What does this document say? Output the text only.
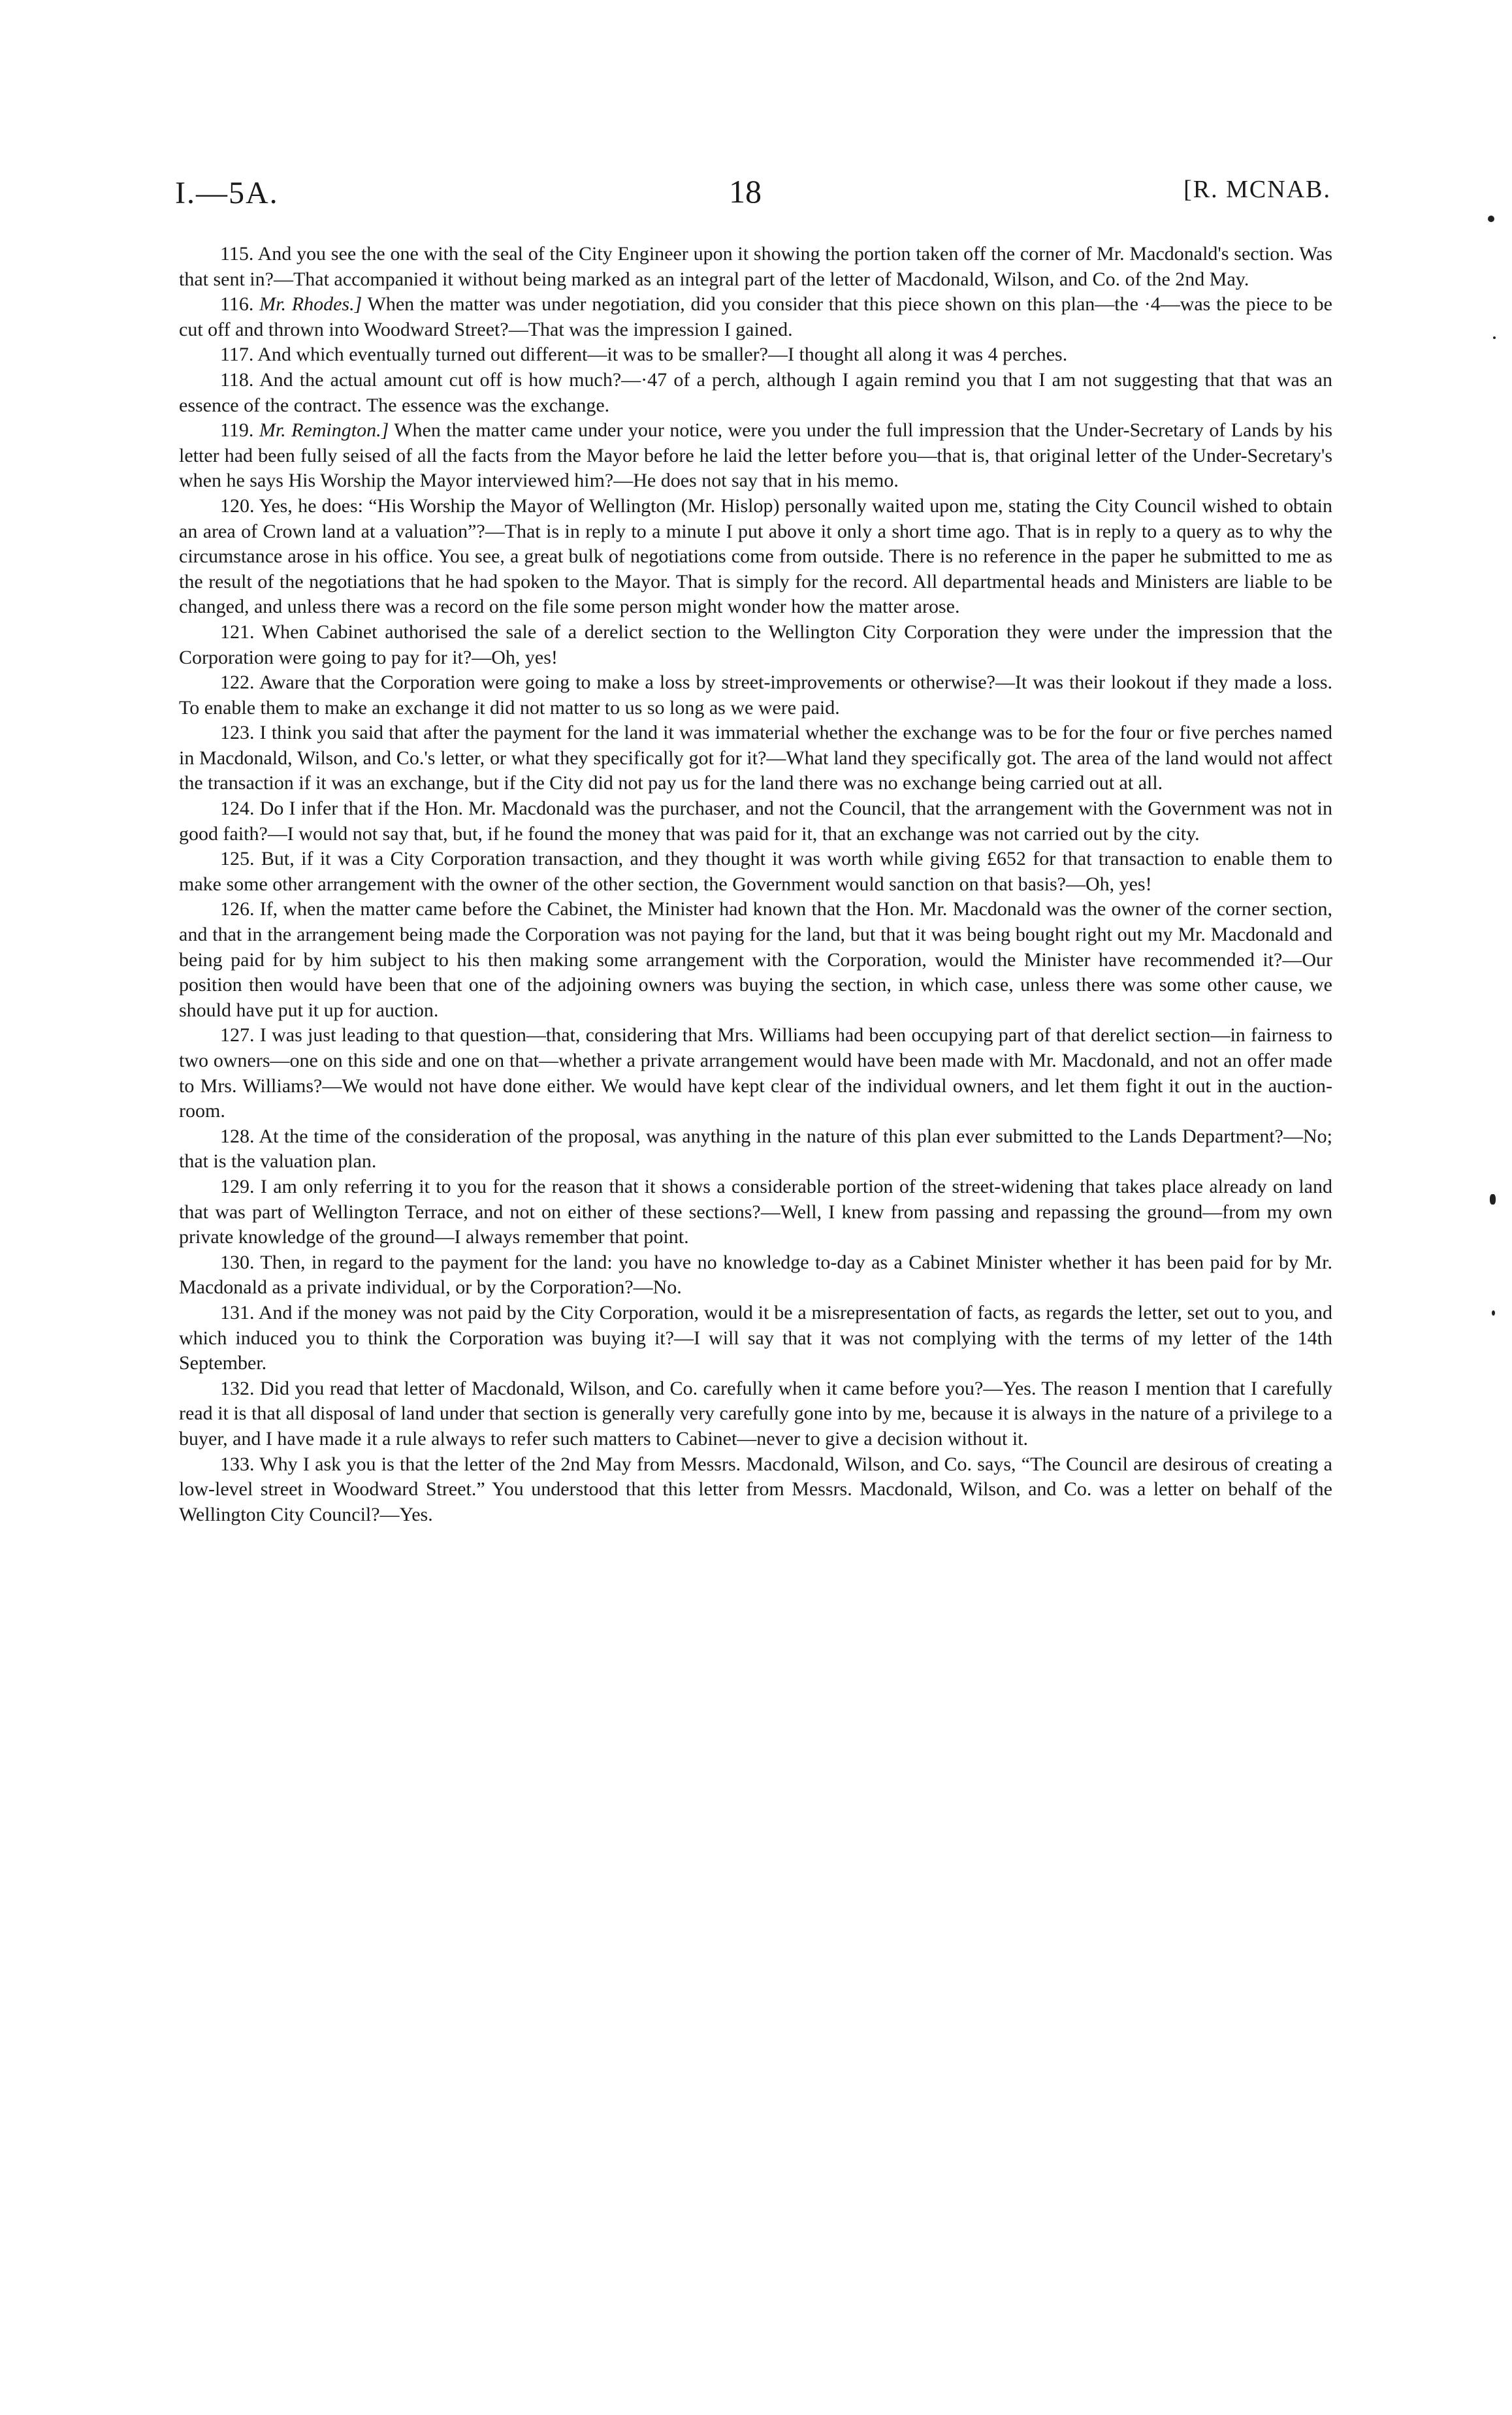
I.—5A.	18	[R. MCNAB.

115. And you see the one with the seal of the City Engineer upon it showing the portion taken off the corner of Mr. Macdonald's section. Was that sent in?—That accompanied it without being marked as an integral part of the letter of Macdonald, Wilson, and Co. of the 2nd May.

116. Mr. Rhodes.] When the matter was under negotiation, did you consider that this piece shown on this plan—the ·4—was the piece to be cut off and thrown into Woodward Street?—That was the impression I gained.

117. And which eventually turned out different—it was to be smaller?—I thought all along it was 4 perches.

118. And the actual amount cut off is how much?—·47 of a perch, although I again remind you that I am not suggesting that that was an essence of the contract. The essence was the exchange.

119. Mr. Remington.] When the matter came under your notice, were you under the full impression that the Under-Secretary of Lands by his letter had been fully seised of all the facts from the Mayor before he laid the letter before you—that is, that original letter of the Under-Secretary's when he says His Worship the Mayor interviewed him?—He does not say that in his memo.

120. Yes, he does: “His Worship the Mayor of Wellington (Mr. Hislop) personally waited upon me, stating the City Council wished to obtain an area of Crown land at a valuation”?—That is in reply to a minute I put above it only a short time ago. That is in reply to a query as to why the circumstance arose in his office. You see, a great bulk of negotiations come from outside. There is no reference in the paper he submitted to me as the result of the negotiations that he had spoken to the Mayor. That is simply for the record. All departmental heads and Ministers are liable to be changed, and unless there was a record on the file some person might wonder how the matter arose.

121. When Cabinet authorised the sale of a derelict section to the Wellington City Corporation they were under the impression that the Corporation were going to pay for it?—Oh, yes!

122. Aware that the Corporation were going to make a loss by street-improvements or otherwise?—It was their lookout if they made a loss. To enable them to make an exchange it did not matter to us so long as we were paid.

123. I think you said that after the payment for the land it was immaterial whether the exchange was to be for the four or five perches named in Macdonald, Wilson, and Co.'s letter, or what they specifically got for it?—What land they specifically got. The area of the land would not affect the transaction if it was an exchange, but if the City did not pay us for the land there was no exchange being carried out at all.

124. Do I infer that if the Hon. Mr. Macdonald was the purchaser, and not the Council, that the arrangement with the Government was not in good faith?—I would not say that, but, if he found the money that was paid for it, that an exchange was not carried out by the city.

125. But, if it was a City Corporation transaction, and they thought it was worth while giving £652 for that transaction to enable them to make some other arrangement with the owner of the other section, the Government would sanction on that basis?—Oh, yes!

126. If, when the matter came before the Cabinet, the Minister had known that the Hon. Mr. Macdonald was the owner of the corner section, and that in the arrangement being made the Corporation was not paying for the land, but that it was being bought right out my Mr. Macdonald and being paid for by him subject to his then making some arrangement with the Corporation, would the Minister have recommended it?—Our position then would have been that one of the adjoining owners was buying the section, in which case, unless there was some other cause, we should have put it up for auction.

127. I was just leading to that question—that, considering that Mrs. Williams had been occupying part of that derelict section—in fairness to two owners—one on this side and one on that—whether a private arrangement would have been made with Mr. Macdonald, and not an offer made to Mrs. Williams?—We would not have done either. We would have kept clear of the individual owners, and let them fight it out in the auction-room.

128. At the time of the consideration of the proposal, was anything in the nature of this plan ever submitted to the Lands Department?—No; that is the valuation plan.

129. I am only referring it to you for the reason that it shows a considerable portion of the street-widening that takes place already on land that was part of Wellington Terrace, and not on either of these sections?—Well, I knew from passing and repassing the ground—from my own private knowledge of the ground—I always remember that point.

130. Then, in regard to the payment for the land: you have no knowledge to-day as a Cabinet Minister whether it has been paid for by Mr. Macdonald as a private individual, or by the Corporation?—No.

131. And if the money was not paid by the City Corporation, would it be a misrepresentation of facts, as regards the letter, set out to you, and which induced you to think the Corporation was buying it?—I will say that it was not complying with the terms of my letter of the 14th September.

132. Did you read that letter of Macdonald, Wilson, and Co. carefully when it came before you?—Yes. The reason I mention that I carefully read it is that all disposal of land under that section is generally very carefully gone into by me, because it is always in the nature of a privilege to a buyer, and I have made it a rule always to refer such matters to Cabinet—never to give a decision without it.

133. Why I ask you is that the letter of the 2nd May from Messrs. Macdonald, Wilson, and Co. says, “The Council are desirous of creating a low-level street in Woodward Street.” You understood that this letter from Messrs. Macdonald, Wilson, and Co. was a letter on behalf of the Wellington City Council?—Yes.
